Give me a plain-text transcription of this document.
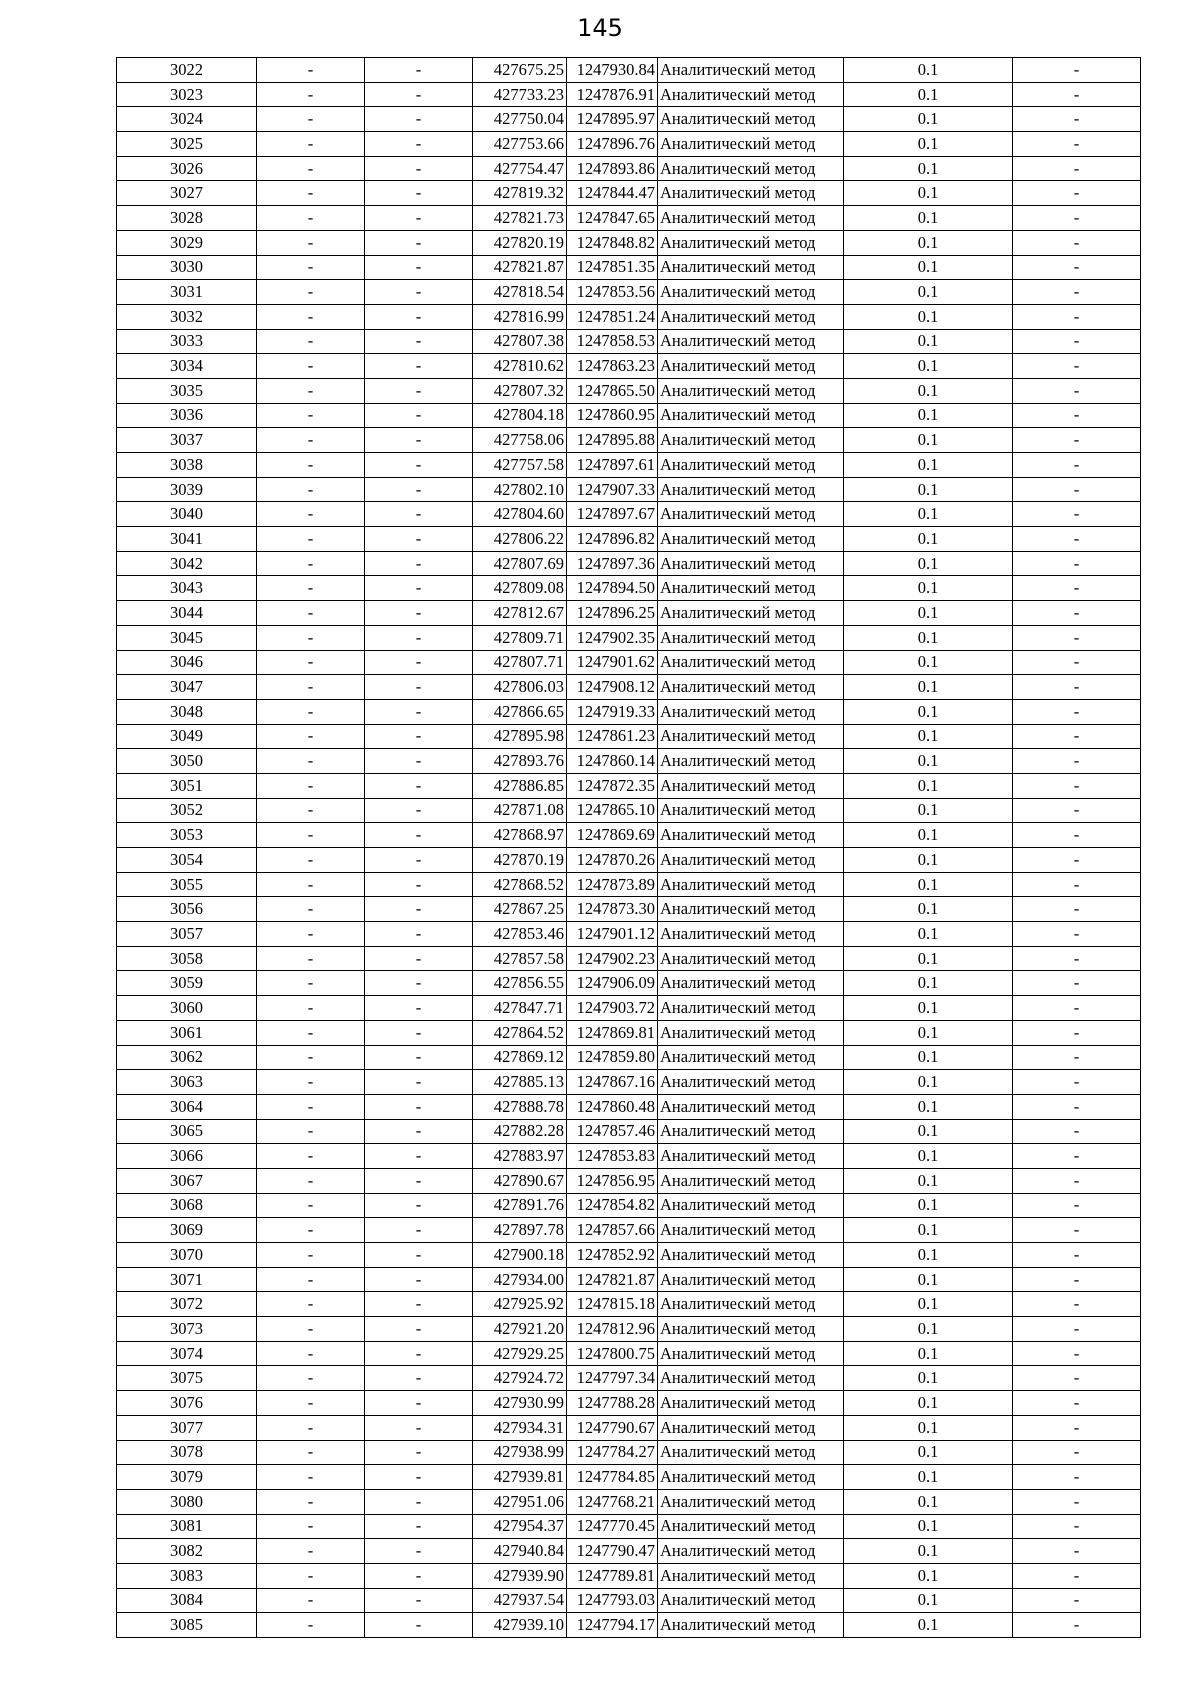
145
3022	-	-	427675.25	1247930.84	Аналитический метод	0.1	-
3023	-	-	427733.23	1247876.91	Аналитический метод	0.1	-
3024	-	-	427750.04	1247895.97	Аналитический метод	0.1	-
3025	-	-	427753.66	1247896.76	Аналитический метод	0.1	-
3026	-	-	427754.47	1247893.86	Аналитический метод	0.1	-
3027	-	-	427819.32	1247844.47	Аналитический метод	0.1	-
3028	-	-	427821.73	1247847.65	Аналитический метод	0.1	-
3029	-	-	427820.19	1247848.82	Аналитический метод	0.1	-
3030	-	-	427821.87	1247851.35	Аналитический метод	0.1	-
3031	-	-	427818.54	1247853.56	Аналитический метод	0.1	-
3032	-	-	427816.99	1247851.24	Аналитический метод	0.1	-
3033	-	-	427807.38	1247858.53	Аналитический метод	0.1	-
3034	-	-	427810.62	1247863.23	Аналитический метод	0.1	-
3035	-	-	427807.32	1247865.50	Аналитический метод	0.1	-
3036	-	-	427804.18	1247860.95	Аналитический метод	0.1	-
3037	-	-	427758.06	1247895.88	Аналитический метод	0.1	-
3038	-	-	427757.58	1247897.61	Аналитический метод	0.1	-
3039	-	-	427802.10	1247907.33	Аналитический метод	0.1	-
3040	-	-	427804.60	1247897.67	Аналитический метод	0.1	-
3041	-	-	427806.22	1247896.82	Аналитический метод	0.1	-
3042	-	-	427807.69	1247897.36	Аналитический метод	0.1	-
3043	-	-	427809.08	1247894.50	Аналитический метод	0.1	-
3044	-	-	427812.67	1247896.25	Аналитический метод	0.1	-
3045	-	-	427809.71	1247902.35	Аналитический метод	0.1	-
3046	-	-	427807.71	1247901.62	Аналитический метод	0.1	-
3047	-	-	427806.03	1247908.12	Аналитический метод	0.1	-
3048	-	-	427866.65	1247919.33	Аналитический метод	0.1	-
3049	-	-	427895.98	1247861.23	Аналитический метод	0.1	-
3050	-	-	427893.76	1247860.14	Аналитический метод	0.1	-
3051	-	-	427886.85	1247872.35	Аналитический метод	0.1	-
3052	-	-	427871.08	1247865.10	Аналитический метод	0.1	-
3053	-	-	427868.97	1247869.69	Аналитический метод	0.1	-
3054	-	-	427870.19	1247870.26	Аналитический метод	0.1	-
3055	-	-	427868.52	1247873.89	Аналитический метод	0.1	-
3056	-	-	427867.25	1247873.30	Аналитический метод	0.1	-
3057	-	-	427853.46	1247901.12	Аналитический метод	0.1	-
3058	-	-	427857.58	1247902.23	Аналитический метод	0.1	-
3059	-	-	427856.55	1247906.09	Аналитический метод	0.1	-
3060	-	-	427847.71	1247903.72	Аналитический метод	0.1	-
3061	-	-	427864.52	1247869.81	Аналитический метод	0.1	-
3062	-	-	427869.12	1247859.80	Аналитический метод	0.1	-
3063	-	-	427885.13	1247867.16	Аналитический метод	0.1	-
3064	-	-	427888.78	1247860.48	Аналитический метод	0.1	-
3065	-	-	427882.28	1247857.46	Аналитический метод	0.1	-
3066	-	-	427883.97	1247853.83	Аналитический метод	0.1	-
3067	-	-	427890.67	1247856.95	Аналитический метод	0.1	-
3068	-	-	427891.76	1247854.82	Аналитический метод	0.1	-
3069	-	-	427897.78	1247857.66	Аналитический метод	0.1	-
3070	-	-	427900.18	1247852.92	Аналитический метод	0.1	-
3071	-	-	427934.00	1247821.87	Аналитический метод	0.1	-
3072	-	-	427925.92	1247815.18	Аналитический метод	0.1	-
3073	-	-	427921.20	1247812.96	Аналитический метод	0.1	-
3074	-	-	427929.25	1247800.75	Аналитический метод	0.1	-
3075	-	-	427924.72	1247797.34	Аналитический метод	0.1	-
3076	-	-	427930.99	1247788.28	Аналитический метод	0.1	-
3077	-	-	427934.31	1247790.67	Аналитический метод	0.1	-
3078	-	-	427938.99	1247784.27	Аналитический метод	0.1	-
3079	-	-	427939.81	1247784.85	Аналитический метод	0.1	-
3080	-	-	427951.06	1247768.21	Аналитический метод	0.1	-
3081	-	-	427954.37	1247770.45	Аналитический метод	0.1	-
3082	-	-	427940.84	1247790.47	Аналитический метод	0.1	-
3083	-	-	427939.90	1247789.81	Аналитический метод	0.1	-
3084	-	-	427937.54	1247793.03	Аналитический метод	0.1	-
3085	-	-	427939.10	1247794.17	Аналитический метод	0.1	-
